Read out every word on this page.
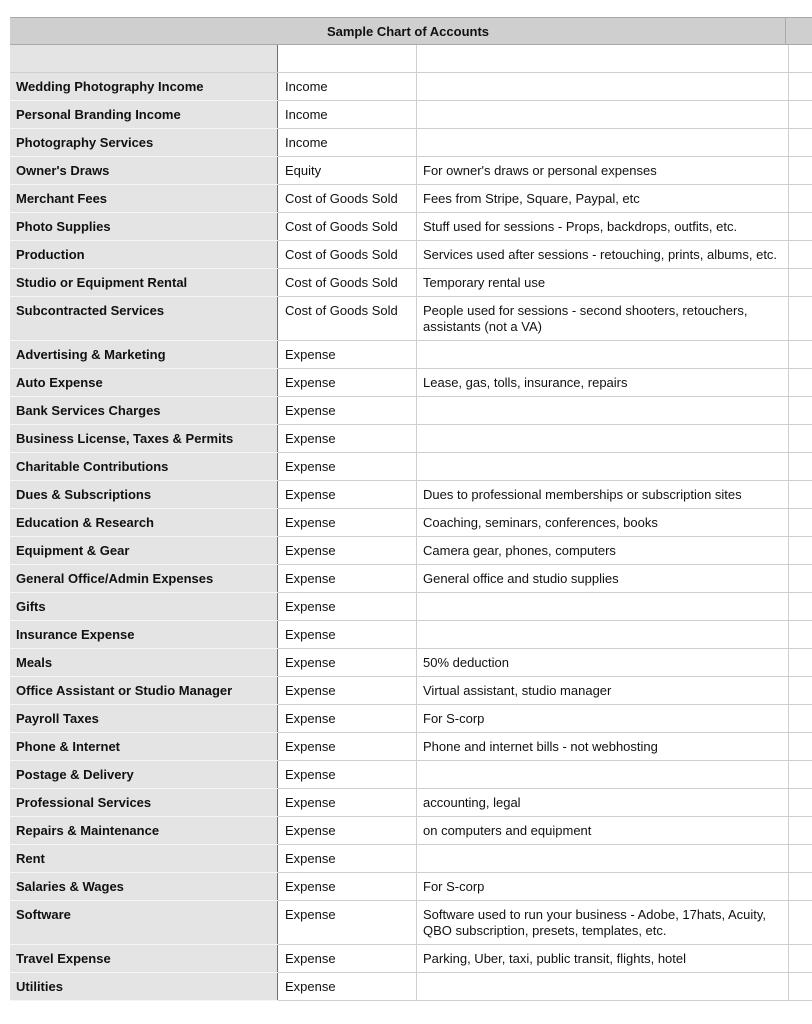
Sample Chart of Accounts

Wedding Photography Income	Income		
Personal Branding Income	Income		
Photography Services	Income		
Owner's Draws	Equity	For owner's draws or personal expenses	
Merchant Fees	Cost of Goods Sold	Fees from Stripe, Square, Paypal, etc	
Photo Supplies	Cost of Goods Sold	Stuff used for sessions - Props, backdrops, outfits, etc.	
Production	Cost of Goods Sold	Services used after sessions - retouching, prints, albums, etc.	
Studio or Equipment Rental	Cost of Goods Sold	Temporary rental use	
Subcontracted Services	Cost of Goods Sold	People used for sessions - second shooters, retouchers, assistants (not a VA)	
Advertising & Marketing	Expense		
Auto Expense	Expense	Lease, gas, tolls, insurance, repairs	
Bank Services Charges	Expense		
Business License, Taxes & Permits	Expense		
Charitable Contributions	Expense		
Dues & Subscriptions	Expense	Dues to professional memberships or subscription sites	
Education & Research	Expense	Coaching, seminars, conferences, books	
Equipment & Gear	Expense	Camera gear, phones, computers	
General Office/Admin Expenses	Expense	General office and studio supplies	
Gifts	Expense		
Insurance Expense	Expense		
Meals	Expense	50% deduction	
Office Assistant or Studio Manager	Expense	Virtual assistant, studio manager	
Payroll Taxes	Expense	For S-corp	
Phone & Internet	Expense	Phone and internet bills - not webhosting	
Postage & Delivery	Expense		
Professional Services	Expense	accounting, legal	
Repairs & Maintenance	Expense	on computers and equipment	
Rent	Expense		
Salaries & Wages	Expense	For S-corp	
Software	Expense	Software used to run your business - Adobe, 17hats, Acuity, QBO subscription, presets, templates, etc.	
Travel Expense	Expense	Parking, Uber, taxi, public transit, flights, hotel	
Utilities	Expense		
